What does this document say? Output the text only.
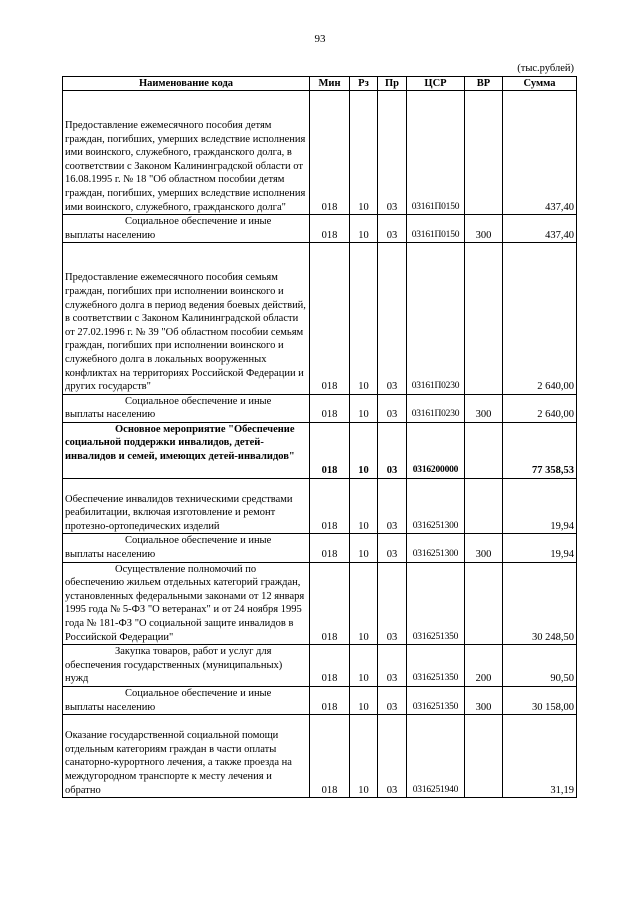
93
(тыс.рублей)
Наименование кода	Мин	Рз	Пр	ЦСР	ВР	Сумма

Предоставление ежемесячного пособия детям граждан, погибших, умерших вследствие исполнения ими воинского, служебного, гражданского долга, в соответствии с Законом Калининградской области от 16.08.1995 г. № 18 "Об областном пособии детям граждан, погибших, умерших вследствие исполнения ими воинского, служебного, гражданского долга"	018	10	03	03161П0150		437,40
Социальное обеспечение и иные выплаты населению	018	10	03	03161П0150	300	437,40

Предоставление ежемесячного пособия семьям граждан, погибших при исполнении воинского и служебного долга в период ведения боевых действий, в соответствии с Законом Калининградской области от 27.02.1996 г. № 39 "Об областном пособии семьям граждан, погибших при исполнении воинского и служебного долга в локальных вооруженных конфликтах на территориях Российской Федерации и других государств"	018	10	03	03161П0230		2 640,00
Социальное обеспечение и иные выплаты населению	018	10	03	03161П0230	300	2 640,00
Основное мероприятие "Обеспечение социальной поддержки инвалидов, детей-инвалидов и семей, имеющих детей-инвалидов"	018	10	03	0316200000		77 358,53

Обеспечение инвалидов техническими средствами реабилитации, включая изготовление и ремонт протезно-ортопедических изделий	018	10	03	0316251300		19,94
Социальное обеспечение и иные выплаты населению	018	10	03	0316251300	300	19,94
Осуществление полномочий по обеспечению жильем отдельных категорий граждан, установленных федеральными законами от 12 января 1995 года № 5-ФЗ "О ветеранах" и от 24 ноября 1995 года № 181-ФЗ "О социальной защите инвалидов в Российской Федерации"	018	10	03	0316251350		30 248,50
Закупка товаров, работ и услуг для обеспечения государственных (муниципальных) нужд	018	10	03	0316251350	200	90,50
Социальное обеспечение и иные выплаты населению	018	10	03	0316251350	300	30 158,00

Оказание государственной социальной помощи отдельным категориям граждан в части оплаты санаторно-курортного лечения, а также проезда на междугородном транспорте к месту лечения и обратно	018	10	03	0316251940		31,19
